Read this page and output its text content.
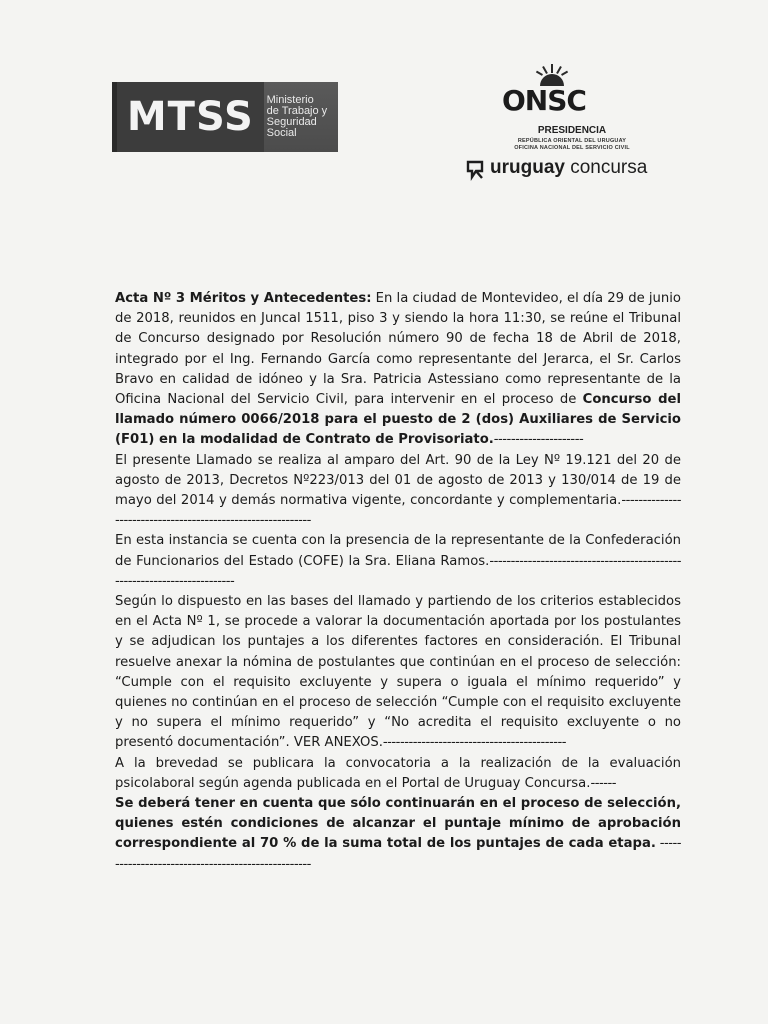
MTSS Ministerio
de Trabajo y
Seguridad
Social
ONSC
PRESIDENCIA
REPÚBLICA ORIENTAL DEL URUGUAY
OFICINA NACIONAL DEL SERVICIO CIVIL
uruguay concursa

Acta Nº 3 Méritos y Antecedentes: En la ciudad de Montevideo, el día 29 de junio de 2018, reunidos en Juncal 1511, piso 3 y siendo la hora 11:30, se reúne el Tribunal de Concurso designado por Resolución número 90 de fecha 18 de Abril de 2018, integrado por el Ing. Fernando García como representante del Jerarca, el Sr. Carlos Bravo en calidad de idóneo y la Sra. Patricia Astessiano como representante de la Oficina Nacional del Servicio Civil, para intervenir en el proceso de Concurso del llamado número 0066/2018 para el puesto de 2 (dos) Auxiliares de Servicio (F01) en la modalidad de Contrato de Provisoriato.---------------------

El presente Llamado se realiza al amparo del Art. 90 de la Ley Nº 19.121 del 20 de agosto de 2013, Decretos Nº223/013 del 01 de agosto de 2013 y 130/014 de 19 de mayo del 2014 y demás normativa vigente, concordante y complementaria.------------------------------------------------------------

En esta instancia se cuenta con la presencia de la representante de la Confederación de Funcionarios del Estado (COFE) la Sra. Eliana Ramos.-------------------------------------------------------------------------

Según lo dispuesto en las bases del llamado y partiendo de los criterios establecidos en el Acta Nº 1, se procede a valorar la documentación aportada por los postulantes y se adjudican los puntajes a los diferentes factores en consideración. El Tribunal resuelve anexar la nómina de postulantes que continúan en el proceso de selección: “Cumple con el requisito excluyente y supera o iguala el mínimo requerido” y quienes no continúan en el proceso de selección “Cumple con el requisito excluyente y no supera el mínimo requerido” y “No acredita el requisito excluyente o no presentó documentación”. VER ANEXOS.-------------------------------------------

A la brevedad se publicara la convocatoria a la realización de la evaluación psicolaboral según agenda publicada en el Portal de Uruguay Concursa.------

Se deberá tener en cuenta que sólo continuarán en el proceso de selección, quienes estén condiciones de alcanzar el puntaje mínimo de aprobación correspondiente al 70 % de la suma total de los puntajes de cada etapa. ---------------------------------------------------
